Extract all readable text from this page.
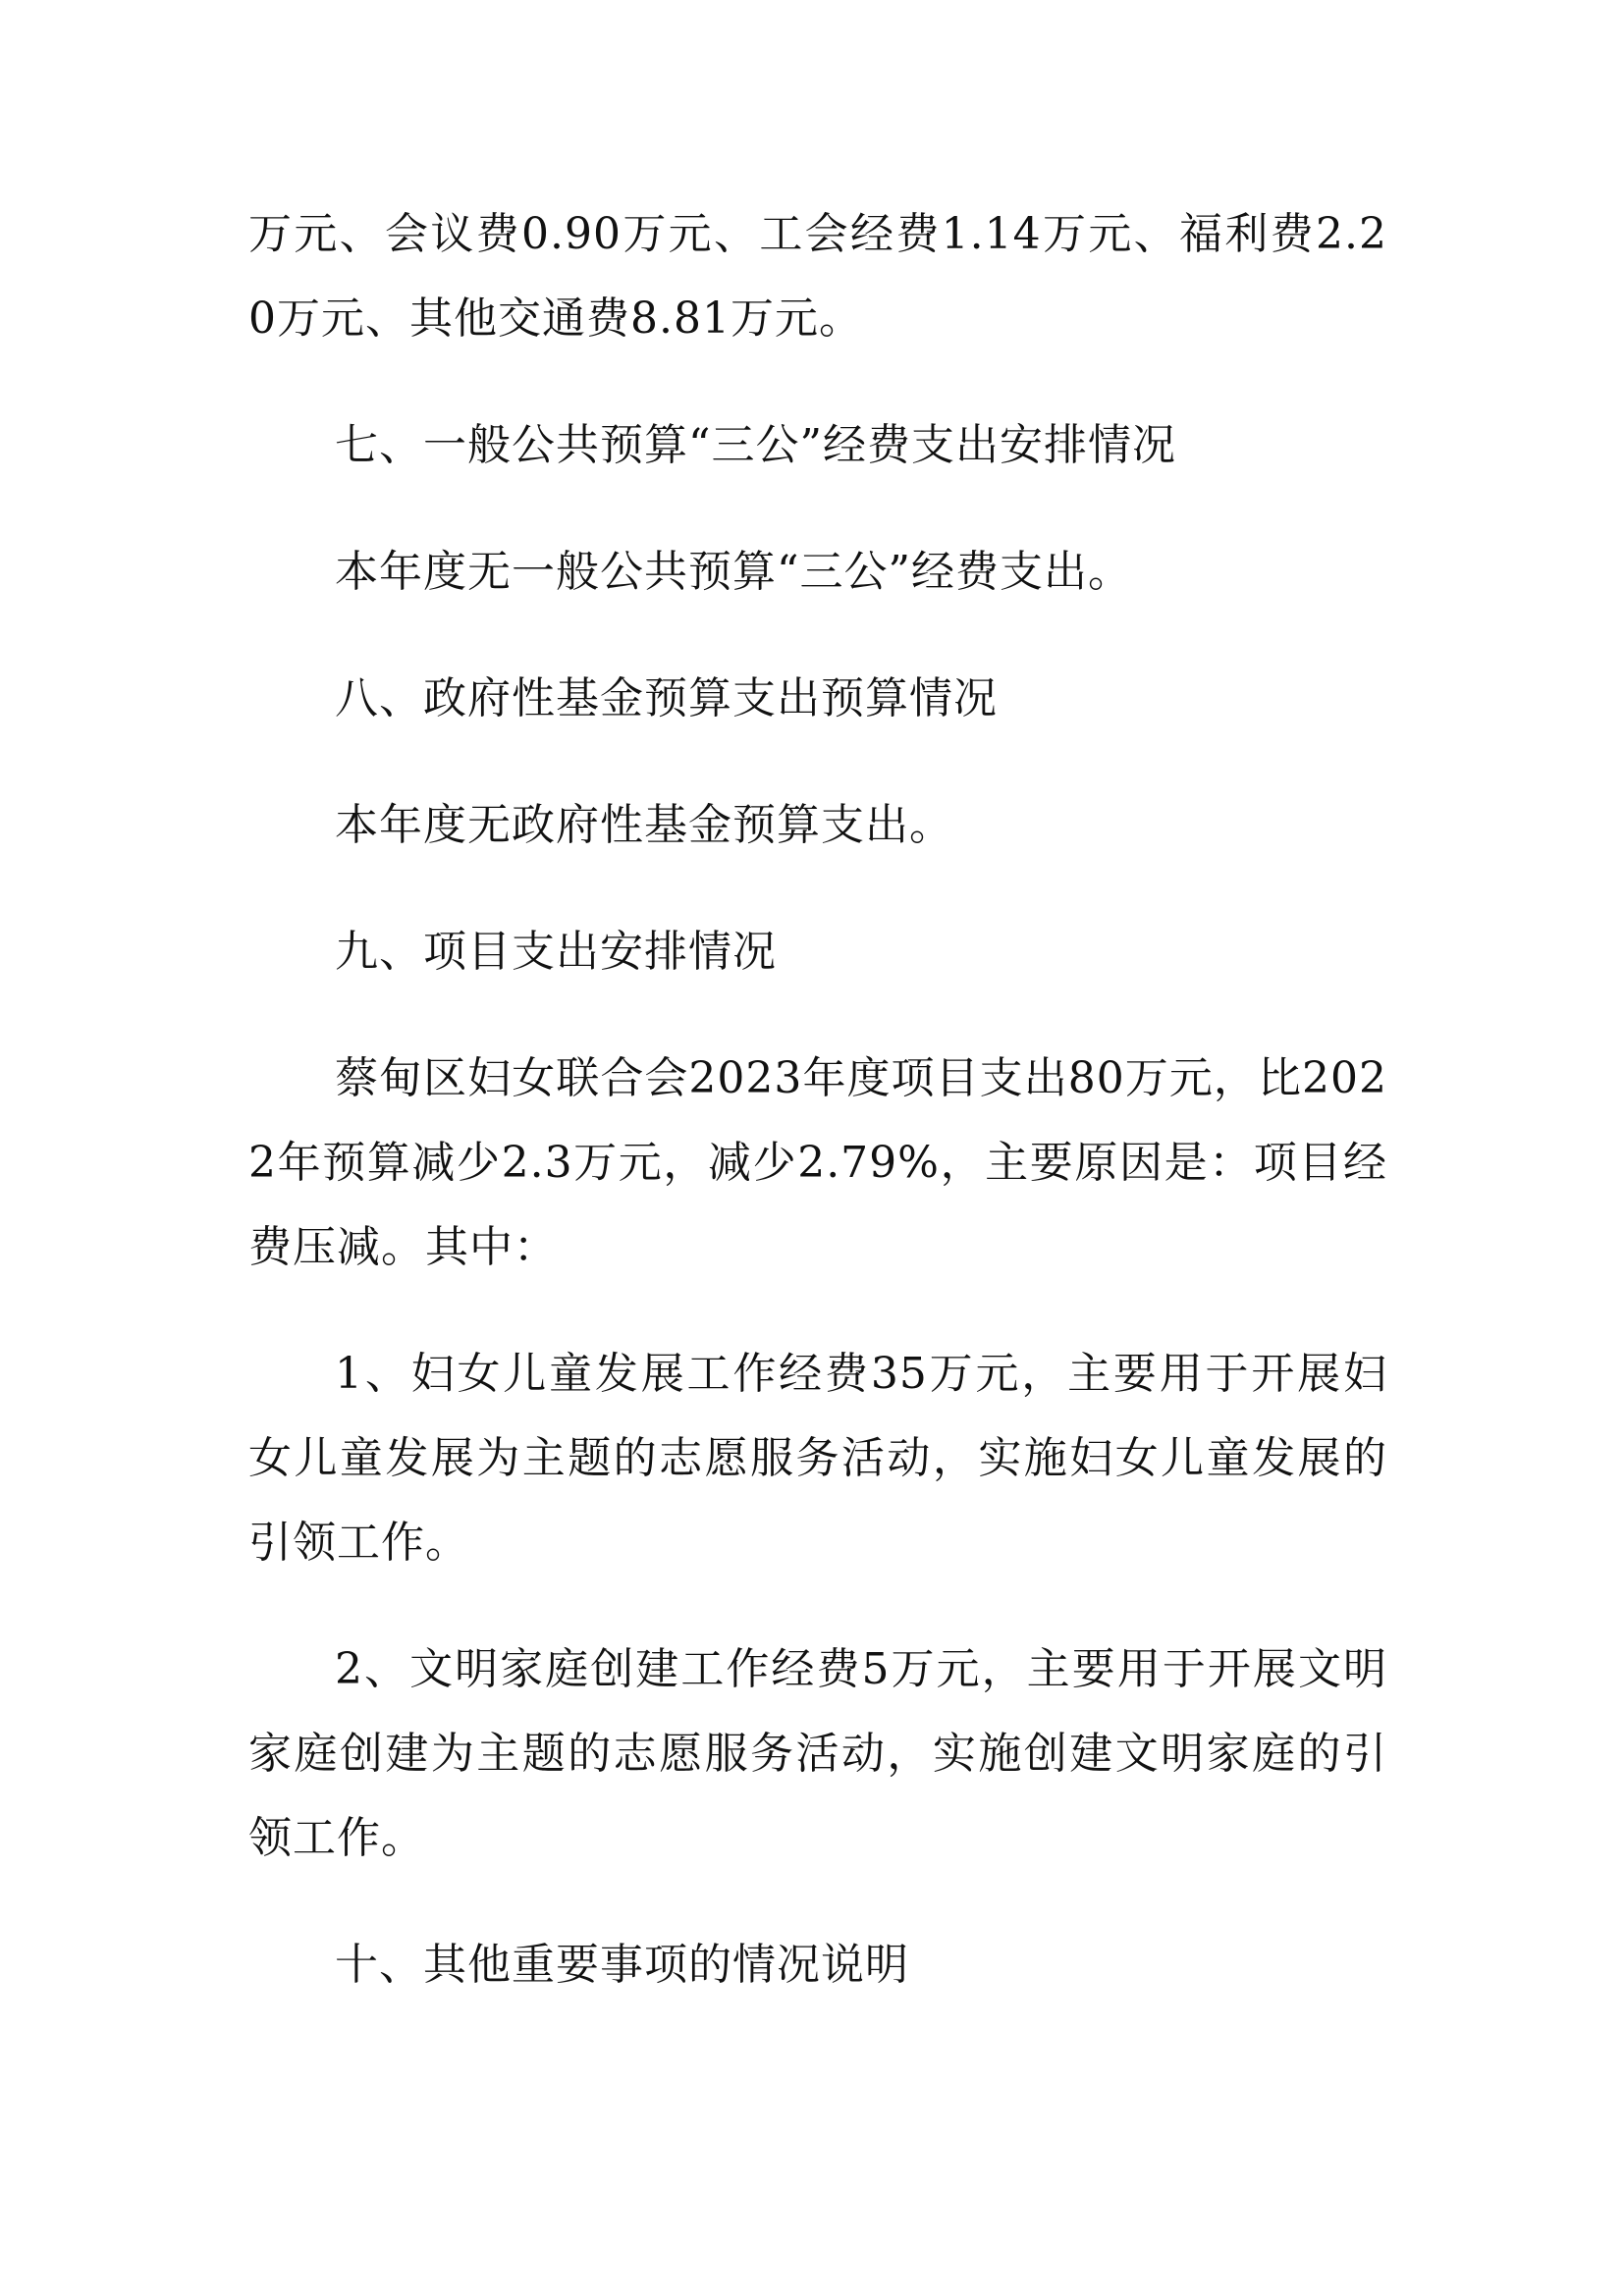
万元、会议费0.90万元、工会经费1.14万元、福利费2.20万元、其他交通费8.81万元。

七、一般公共预算“三公”经费支出安排情况

本年度无一般公共预算“三公”经费支出。

八、政府性基金预算支出预算情况

本年度无政府性基金预算支出。

九、项目支出安排情况

蔡甸区妇女联合会2023年度项目支出80万元，比2022年预算减少2.3万元，减少2.79%，主要原因是：项目经费压减。其中：

1、妇女儿童发展工作经费35万元，主要用于开展妇女儿童发展为主题的志愿服务活动，实施妇女儿童发展的引领工作。

2、文明家庭创建工作经费5万元，主要用于开展文明家庭创建为主题的志愿服务活动，实施创建文明家庭的引领工作。

十、其他重要事项的情况说明
